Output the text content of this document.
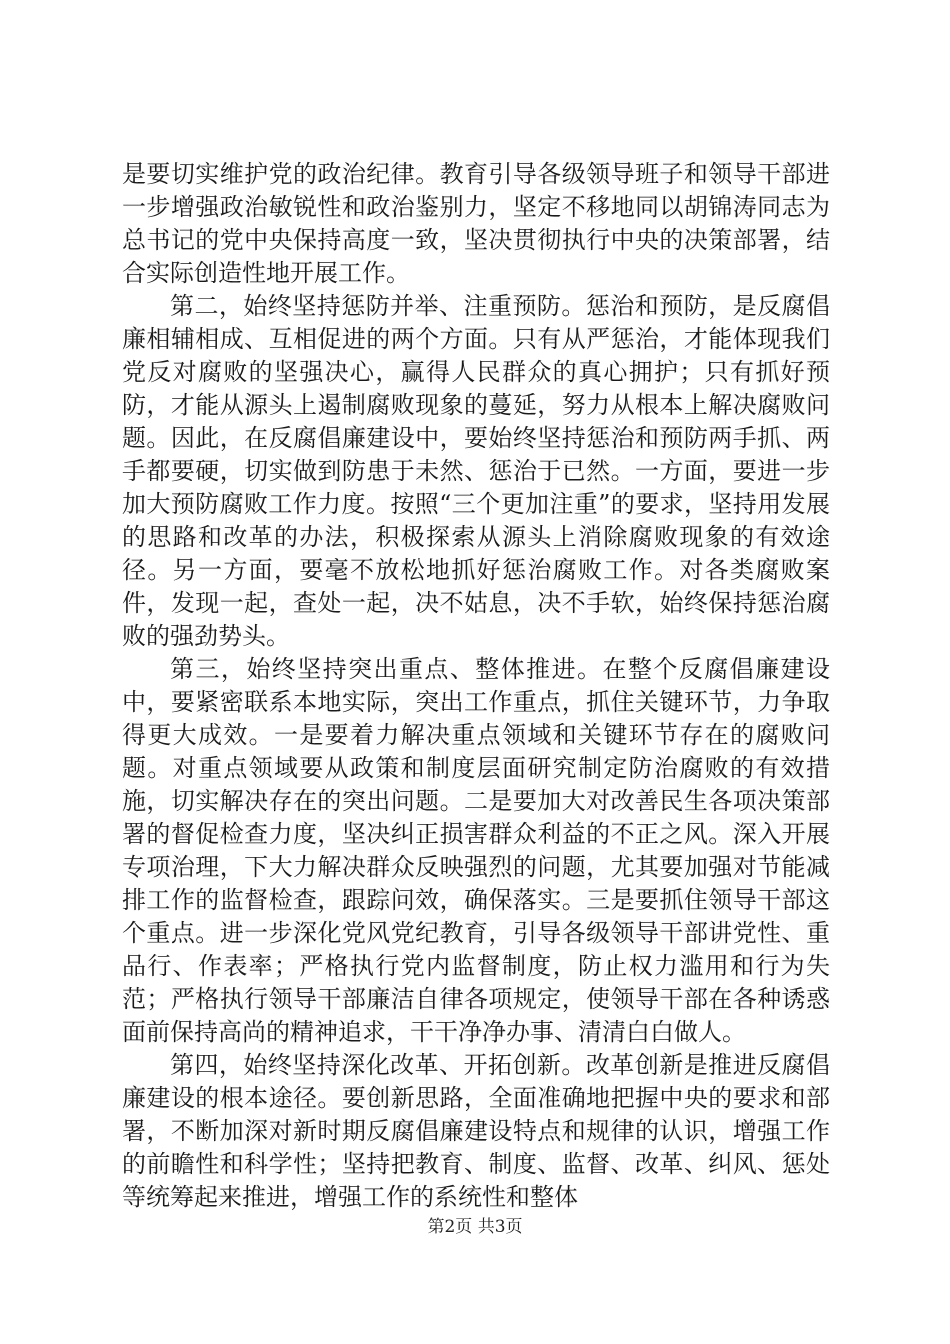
是要切实维护党的政治纪律。教育引导各级领导班子和领导干部进一步增强政治敏锐性和政治鉴别力，坚定不移地同以胡锦涛同志为总书记的党中央保持高度一致，坚决贯彻执行中央的决策部署，结合实际创造性地开展工作。

第二，始终坚持惩防并举、注重预防。惩治和预防，是反腐倡廉相辅相成、互相促进的两个方面。只有从严惩治，才能体现我们党反对腐败的坚强决心，赢得人民群众的真心拥护；只有抓好预防，才能从源头上遏制腐败现象的蔓延，努力从根本上解决腐败问题。因此，在反腐倡廉建设中，要始终坚持惩治和预防两手抓、两手都要硬，切实做到防患于未然、惩治于已然。一方面，要进一步加大预防腐败工作力度。按照“三个更加注重”的要求，坚持用发展的思路和改革的办法，积极探索从源头上消除腐败现象的有效途径。另一方面，要毫不放松地抓好惩治腐败工作。对各类腐败案件，发现一起，查处一起，决不姑息，决不手软，始终保持惩治腐败的强劲势头。

第三，始终坚持突出重点、整体推进。在整个反腐倡廉建设中，要紧密联系本地实际，突出工作重点，抓住关键环节，力争取得更大成效。一是要着力解决重点领域和关键环节存在的腐败问题。对重点领域要从政策和制度层面研究制定防治腐败的有效措施，切实解决存在的突出问题。二是要加大对改善民生各项决策部署的督促检查力度，坚决纠正损害群众利益的不正之风。深入开展专项治理，下大力解决群众反映强烈的问题，尤其要加强对节能减排工作的监督检查，跟踪问效，确保落实。三是要抓住领导干部这个重点。进一步深化党风党纪教育，引导各级领导干部讲党性、重品行、作表率；严格执行党内监督制度，防止权力滥用和行为失范；严格执行领导干部廉洁自律各项规定，使领导干部在各种诱惑面前保持高尚的精神追求，干干净净办事、清清白白做人。

第四，始终坚持深化改革、开拓创新。改革创新是推进反腐倡廉建设的根本途径。要创新思路，全面准确地把握中央的要求和部署，不断加深对新时期反腐倡廉建设特点和规律的认识，增强工作的前瞻性和科学性；坚持把教育、制度、监督、改革、纠风、惩处等统筹起来推进，增强工作的系统性和整体

第2页 共3页
